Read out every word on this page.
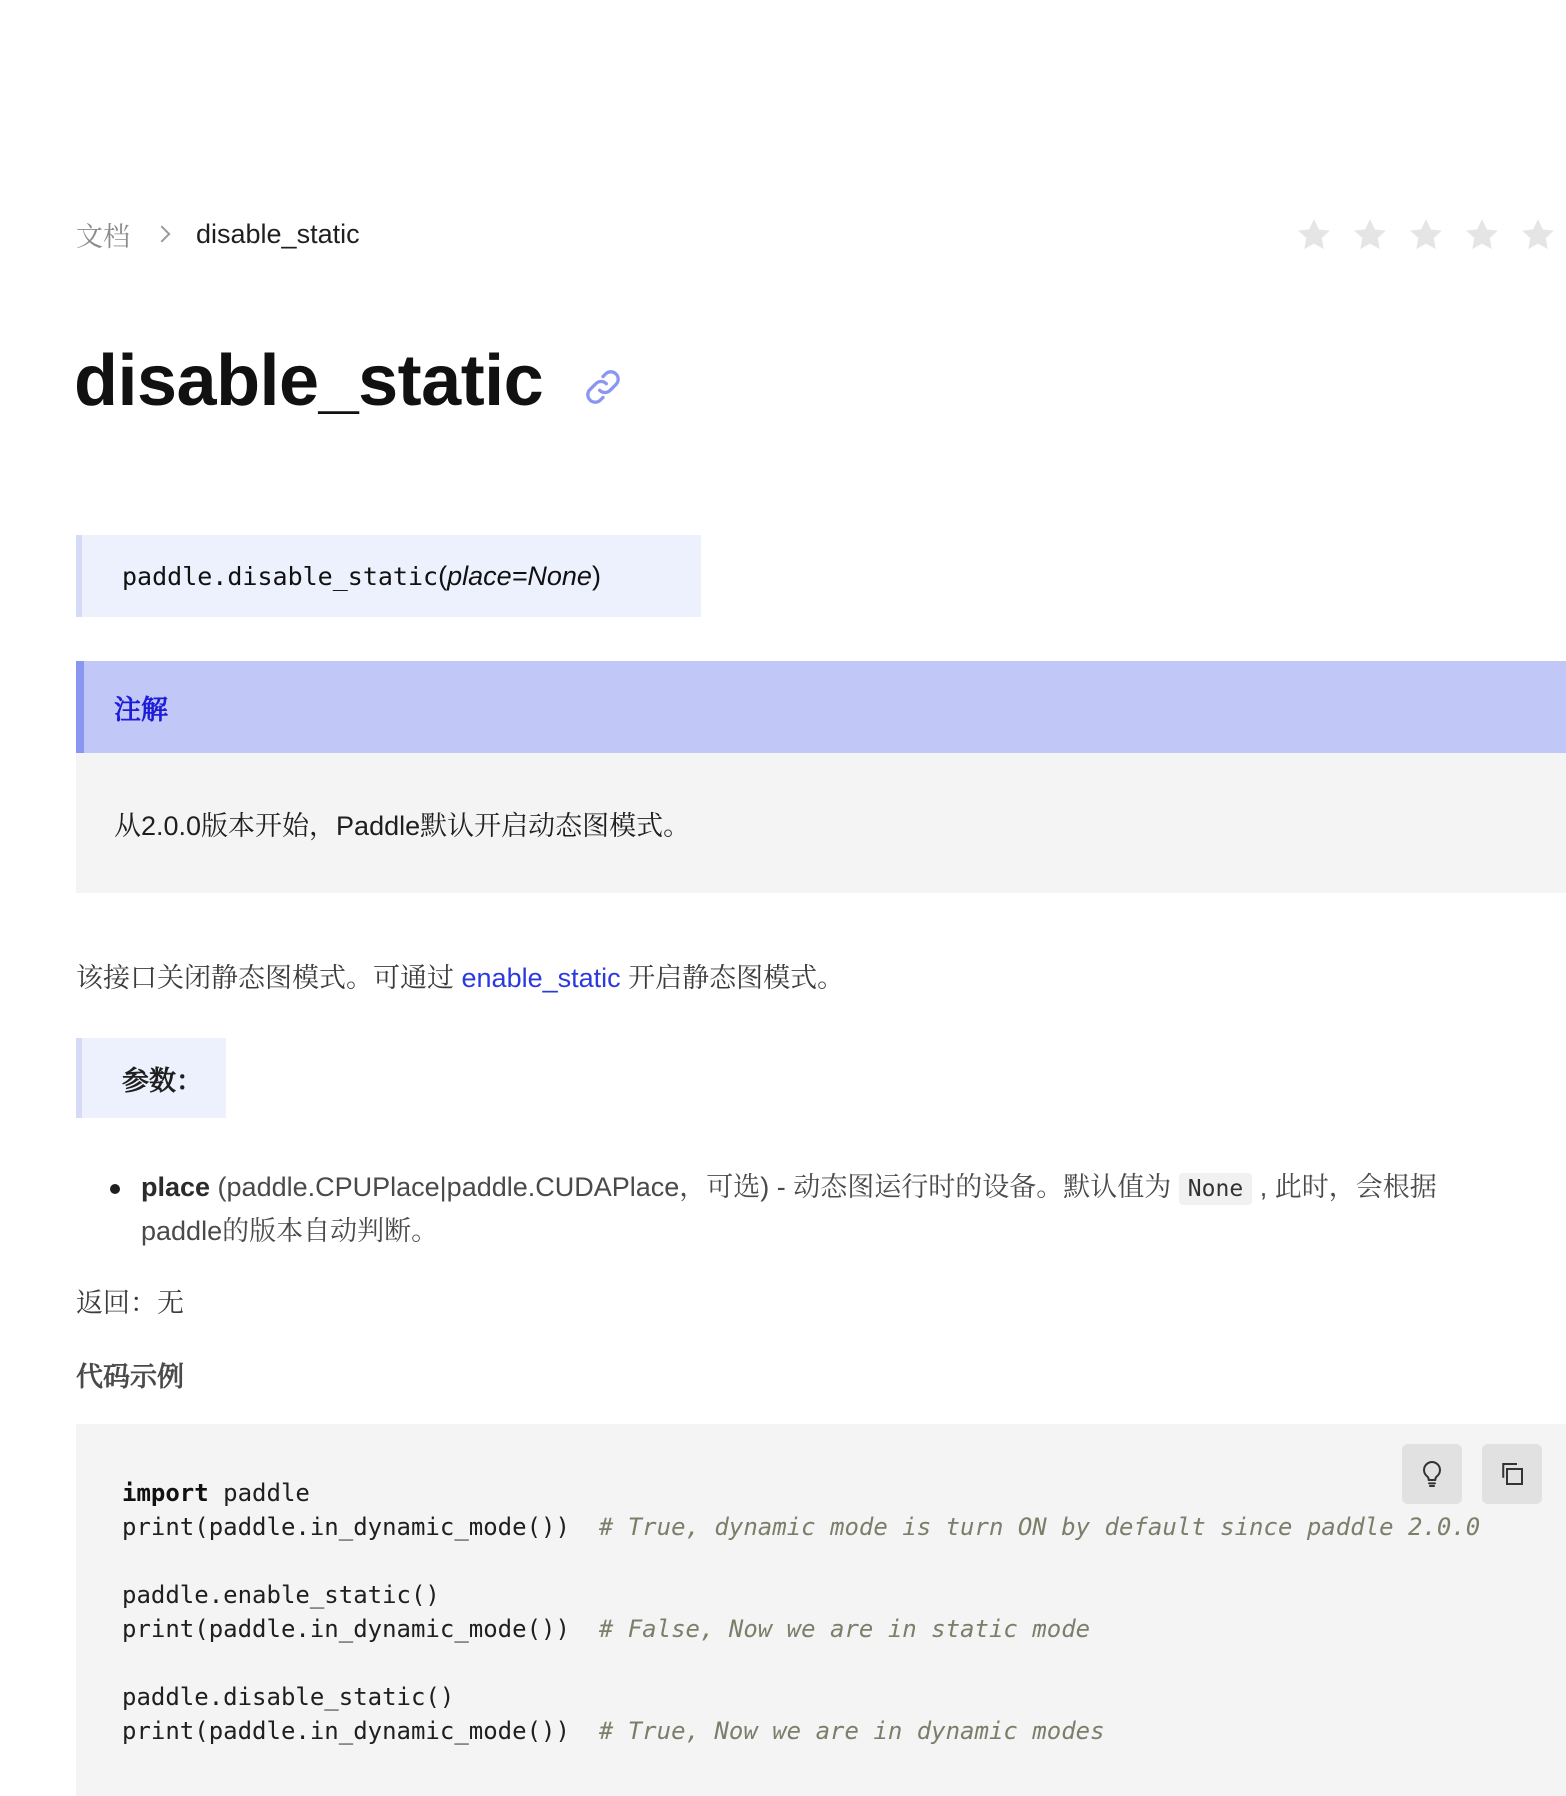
文档 disable_static
disable_static
paddle.disable_static ( place=None )
注解
从2.0.0版本开始，Paddle默认开启动态图模式。

该接口关闭静态图模式。可通过 enable_static 开启静态图模式。

参数：
place (paddle.CPUPlace|paddle.CUDAPlace，可选) - 动态图运行时的设备。默认值为 None , 此时，会根据paddle的版本自动判断。

返回：无

代码示例

import paddle
print(paddle.in_dynamic_mode())  # True, dynamic mode is turn ON by default since paddle 2.0.0
paddle.enable_static()
print(paddle.in_dynamic_mode())  # False, Now we are in static mode
paddle.disable_static()
print(paddle.in_dynamic_mode())  # True, Now we are in dynamic modes
